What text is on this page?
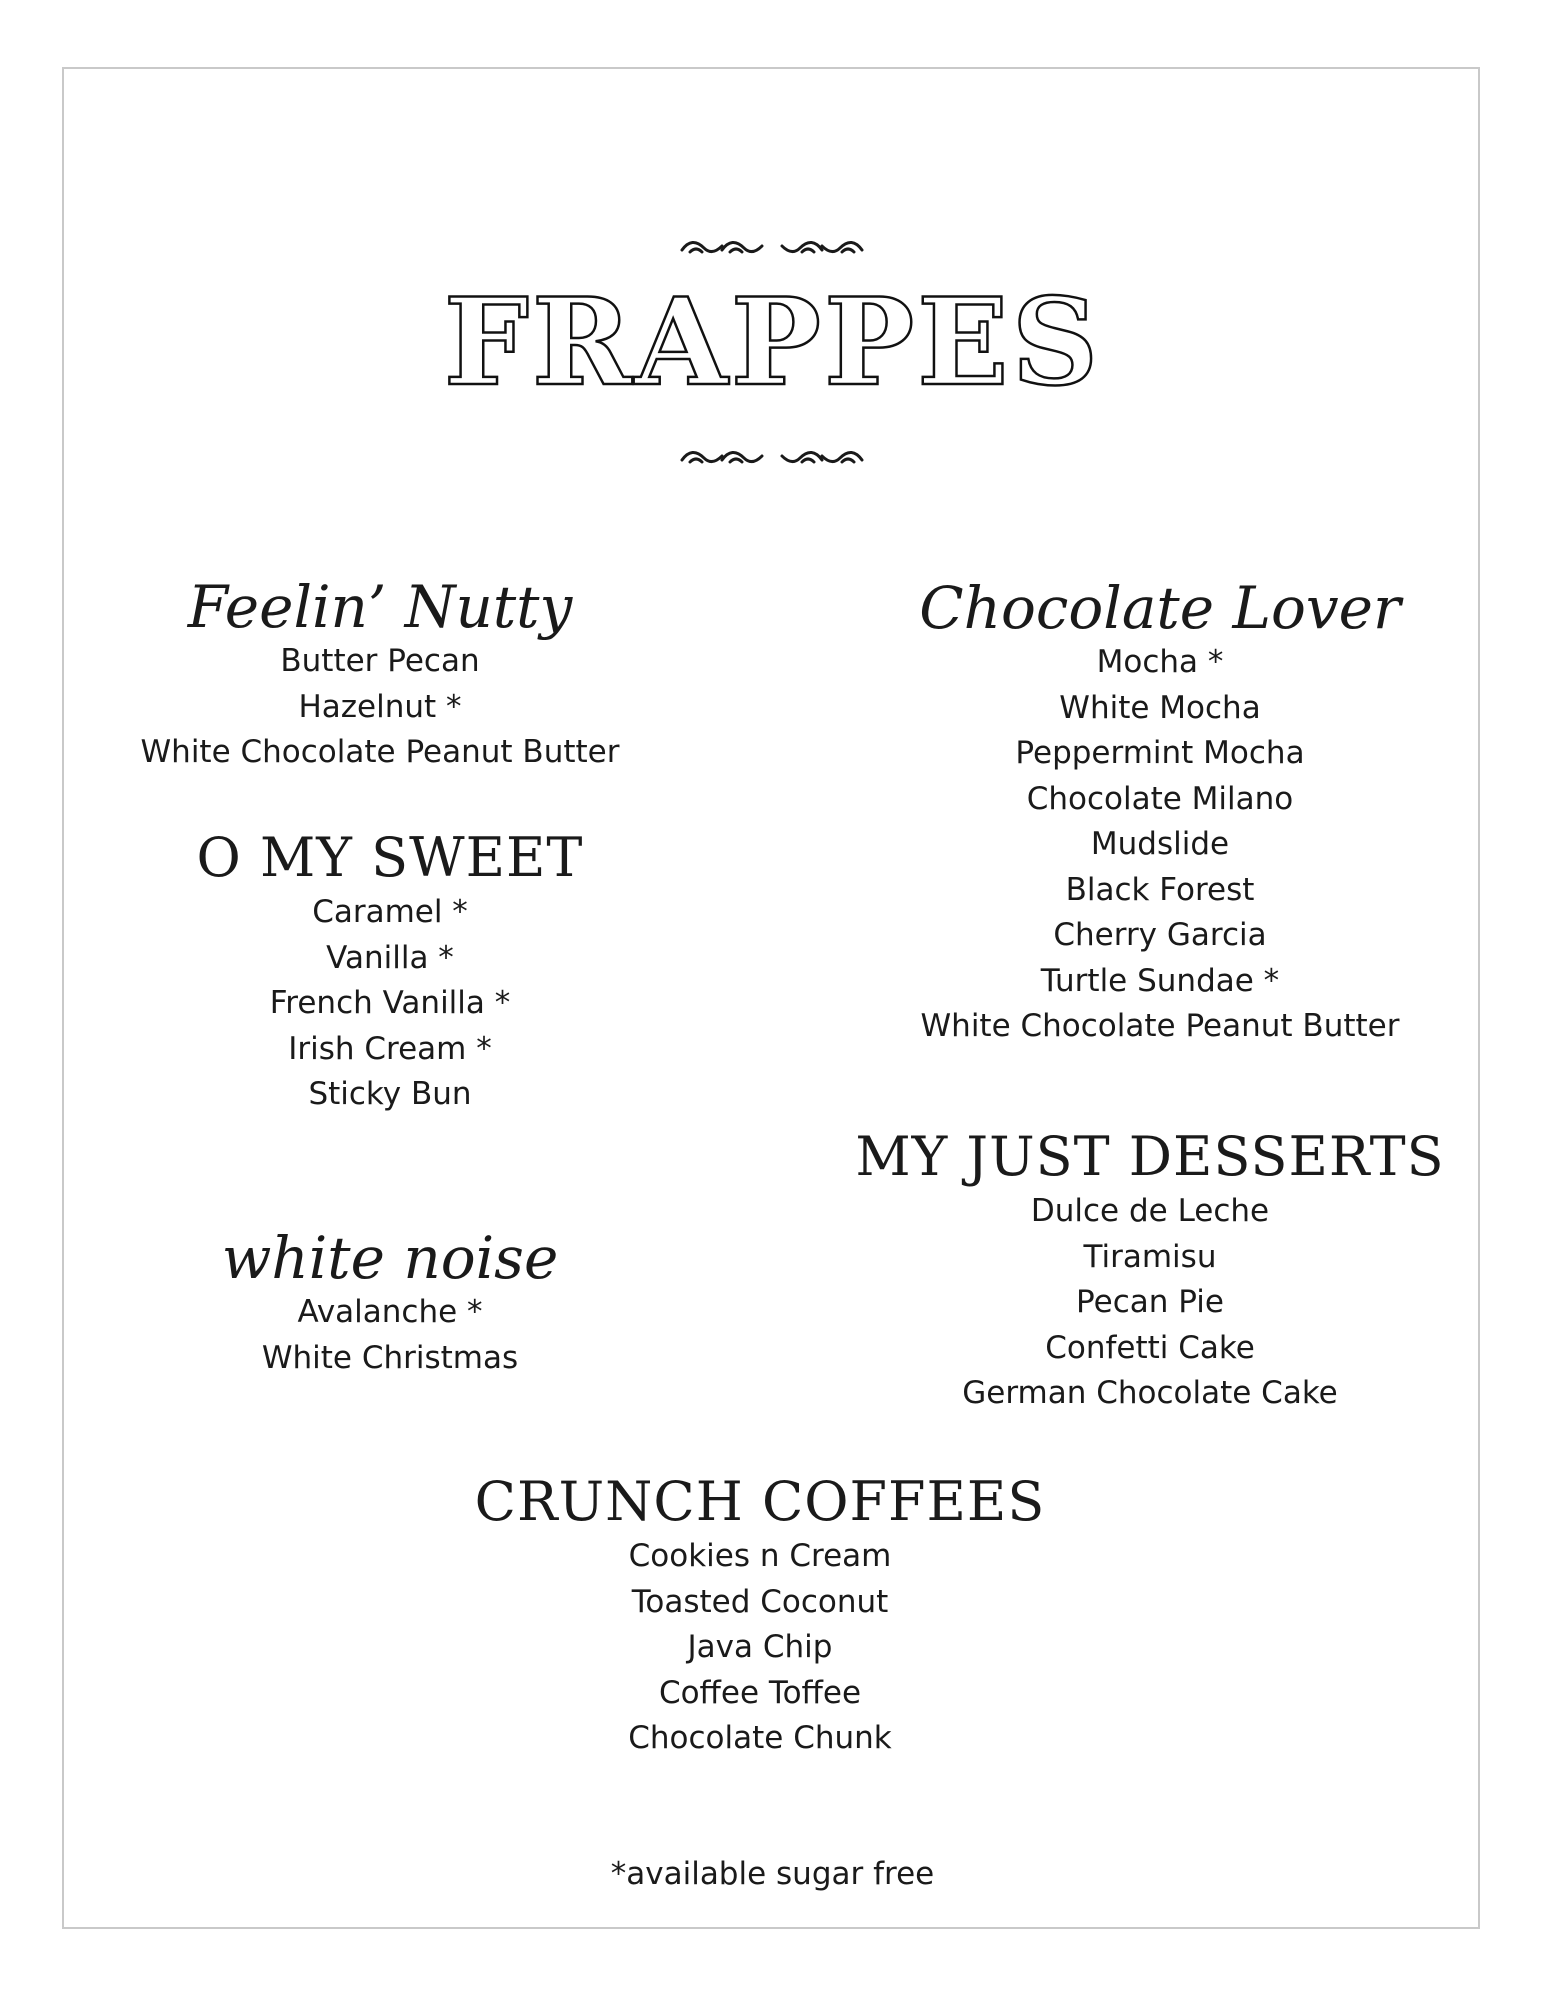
FRAPPES
Feelin’ Nutty
Butter Pecan
Hazelnut *
White Chocolate Peanut Butter
O MY SWEET
Caramel *
Vanilla *
French Vanilla *
Irish Cream *
Sticky Bun
white noise
Avalanche *
White Christmas
Chocolate Lover
Mocha *
White Mocha
Peppermint Mocha
Chocolate Milano
Mudslide
Black Forest
Cherry Garcia
Turtle Sundae *
White Chocolate Peanut Butter
MY JUST DESSERTS
Dulce de Leche
Tiramisu
Pecan Pie
Confetti Cake
German Chocolate Cake
CRUNCH COFFEES
Cookies n Cream
Toasted Coconut
Java Chip
Coffee Toffee
Chocolate Chunk
*available sugar free
